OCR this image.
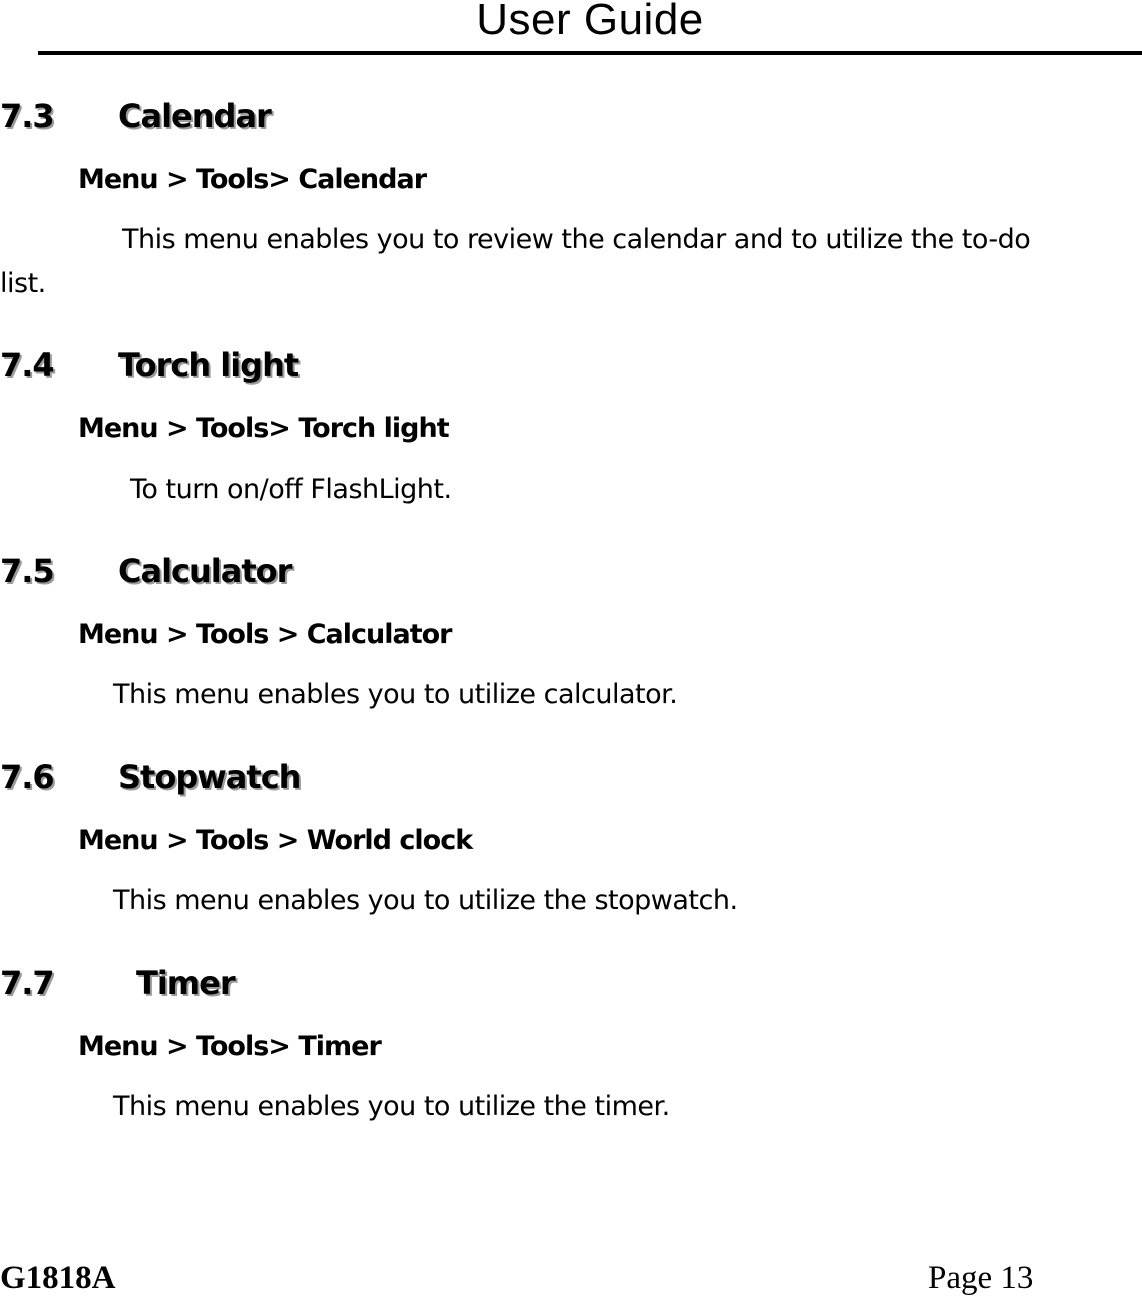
User Guide
7.3 Calendar
Menu > Tools> Calendar
This menu enables you to review the calendar and to utilize the to-do
list.
7.4 Torch light
Menu > Tools> Torch light
To turn on/off FlashLight.
7.5 Calculator
Menu > Tools > Calculator
This menu enables you to utilize calculator.
7.6 Stopwatch
Menu > Tools > World clock
This menu enables you to utilize the stopwatch.
7.7	Timer
Menu > Tools> Timer
This menu enables you to utilize the timer.
G1818A	Page 13
